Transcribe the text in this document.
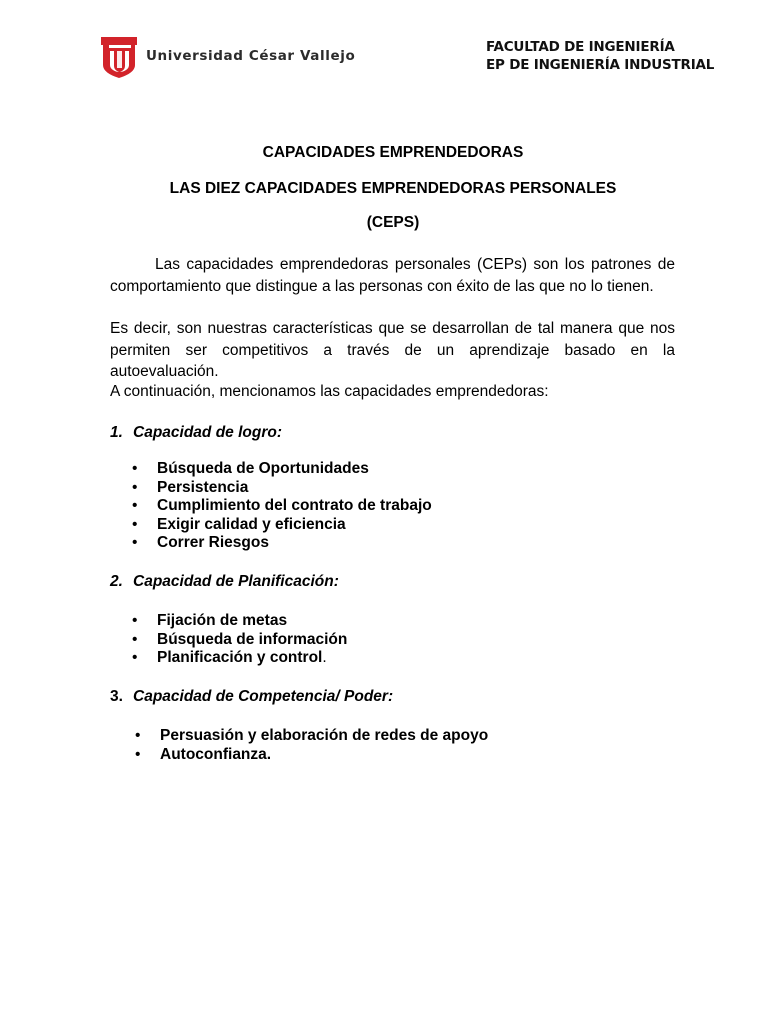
Universidad César Vallejo
FACULTAD DE INGENIERÍA
EP DE INGENIERÍA INDUSTRIAL
CAPACIDADES EMPRENDEDORAS
LAS DIEZ CAPACIDADES EMPRENDEDORAS PERSONALES
(CEPS)
Las capacidades emprendedoras personales (CEPs) son los patrones de comportamiento que distingue a las personas con éxito de las que no lo tienen.
Es decir, son nuestras características que se desarrollan de tal manera que nos permiten ser competitivos a través de un aprendizaje basado en la autoevaluación.
A continuación, mencionamos las capacidades emprendedoras:
1. Capacidad de logro:
• Búsqueda de Oportunidades
• Persistencia
• Cumplimiento del contrato de trabajo
• Exigir calidad y eficiencia
• Correr Riesgos
2. Capacidad de Planificación:
• Fijación de metas
• Búsqueda de información
• Planificación y control.
3. Capacidad de Competencia/ Poder:
• Persuasión y elaboración de redes de apoyo
• Autoconfianza.
